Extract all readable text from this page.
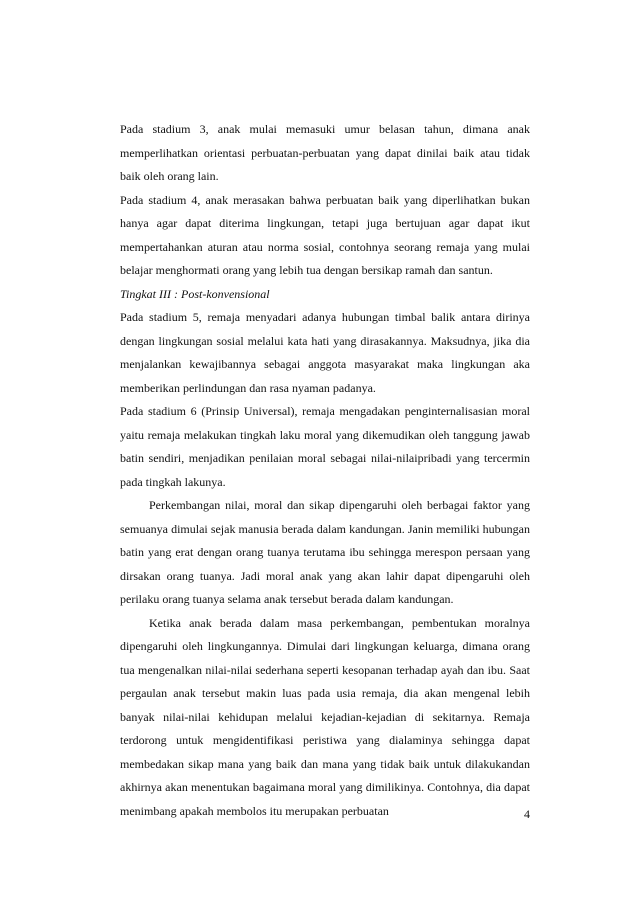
Pada stadium 3, anak mulai memasuki umur belasan tahun, dimana anak memperlihatkan orientasi perbuatan-perbuatan yang dapat dinilai baik atau tidak baik oleh orang lain.

Pada stadium 4, anak merasakan bahwa perbuatan baik yang diperlihatkan bukan hanya agar dapat diterima lingkungan, tetapi juga bertujuan agar dapat ikut mempertahankan aturan atau norma sosial, contohnya seorang remaja yang mulai belajar menghormati orang yang lebih tua dengan bersikap ramah dan santun.

Tingkat III : Post-konvensional

Pada stadium 5, remaja menyadari adanya hubungan timbal balik antara dirinya dengan lingkungan sosial melalui kata hati yang dirasakannya. Maksudnya, jika dia menjalankan kewajibannya sebagai anggota masyarakat maka lingkungan aka memberikan perlindungan dan rasa nyaman padanya.

Pada stadium 6 (Prinsip Universal), remaja mengadakan penginternalisasian moral yaitu remaja melakukan tingkah laku moral yang dikemudikan oleh tanggung jawab batin sendiri, menjadikan penilaian moral sebagai nilai-nilaipribadi yang tercermin pada tingkah lakunya.

Perkembangan nilai, moral dan sikap dipengaruhi oleh berbagai faktor yang semuanya dimulai sejak manusia berada dalam kandungan. Janin memiliki hubungan batin yang erat dengan orang tuanya terutama ibu sehingga merespon persaan yang dirsakan orang tuanya. Jadi moral anak yang akan lahir dapat dipengaruhi oleh perilaku orang tuanya selama anak tersebut berada dalam kandungan.

Ketika anak berada dalam masa perkembangan, pembentukan moralnya dipengaruhi oleh lingkungannya. Dimulai dari lingkungan keluarga, dimana orang tua mengenalkan nilai-nilai sederhana seperti kesopanan terhadap ayah dan ibu. Saat pergaulan anak tersebut makin luas pada usia remaja, dia akan mengenal lebih banyak nilai-nilai kehidupan melalui kejadian-kejadian di sekitarnya. Remaja terdorong untuk mengidentifikasi peristiwa yang dialaminya sehingga dapat membedakan sikap mana yang baik dan mana yang tidak baik untuk dilakukandan akhirnya akan menentukan bagaimana moral yang dimilikinya. Contohnya, dia dapat menimbang apakah membolos itu merupakan perbuatan	4
